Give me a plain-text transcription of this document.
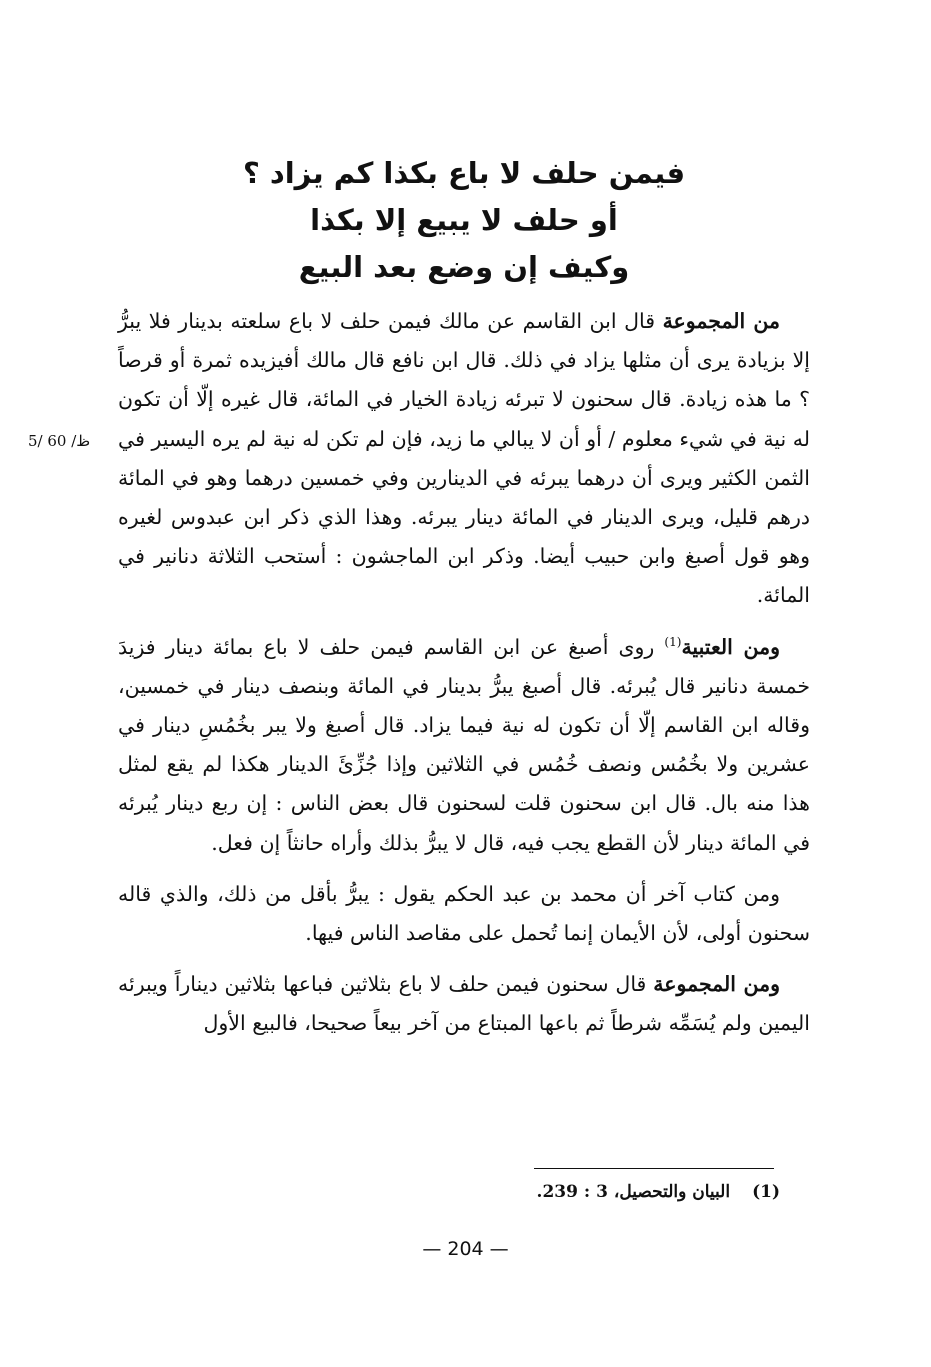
فيمن حلف لا باع بكذا كم يزاد ؟
أو حلف لا يبيع إلا بكذا
وكيف إن وضع بعد البيع
ظ/ 60 /5

من المجموعة قال ابن القاسم عن مالك فيمن حلف لا باع سلعته بدينار فلا يبرُّ إلا بزيادة يرى أن مثلها يزاد في ذلك. قال ابن نافع قال مالك أفيزيده ثمرة أو قرصاً ؟ ما هذه زيادة. قال سحنون لا تبرئه زيادة الخيار في المائة، قال غيره إلّا أن تكون له نية في شيء معلوم / أو أن لا يبالي ما زيد، فإن لم تكن له نية لم يره اليسير في الثمن الكثير ويرى أن درهما يبرئه في الدينارين وفي خمسين درهما وهو في المائة درهم قليل، ويرى الدينار في المائة دينار يبرئه. وهذا الذي ذكر ابن عبدوس لغيره وهو قول أصبغ وابن حبيب أيضا. وذكر ابن الماجشون : أستحب الثلاثة دنانير في المائة.

ومن العتبية$^{(1)}$ روى أصبغ عن ابن القاسم فيمن حلف لا باع بمائة دينار فزيدَ خمسة دنانير قال يُبرئه. قال أصبغ يبرُّ بدينار في المائة وبنصف دينار في خمسين، وقاله ابن القاسم إلّا أن تكون له نية فيما يزاد. قال أصبغ ولا يبر بخُمُسِ دينار في عشرين ولا بخُمُس ونصف خُمُس في الثلاثين وإذا جُزِّئَ الدينار هكذا لم يقع لمثل هذا منه بال. قال ابن سحنون قلت لسحنون قال بعض الناس : إن ربع دينار يُبرئه في المائة دينار لأن القطع يجب فيه، قال لا يبرُّ بذلك وأراه حانثاً إن فعل.

ومن كتاب آخر أن محمد بن عبد الحكم يقول : يبرُّ بأقل من ذلك، والذي قاله سحنون أولى، لأن الأيمان إنما تُحمل على مقاصد الناس فيها.

ومن المجموعة قال سحنون فيمن حلف لا باع بثلاثين فباعها بثلاثين ديناراً ويبرئه اليمين ولم يُسَمِّه شرطاً ثم باعها المبتاع من آخر بيعاً صحيحا، فالبيع الأول

(1)البيان والتحصيل، 3 : 239.
— 204 —
